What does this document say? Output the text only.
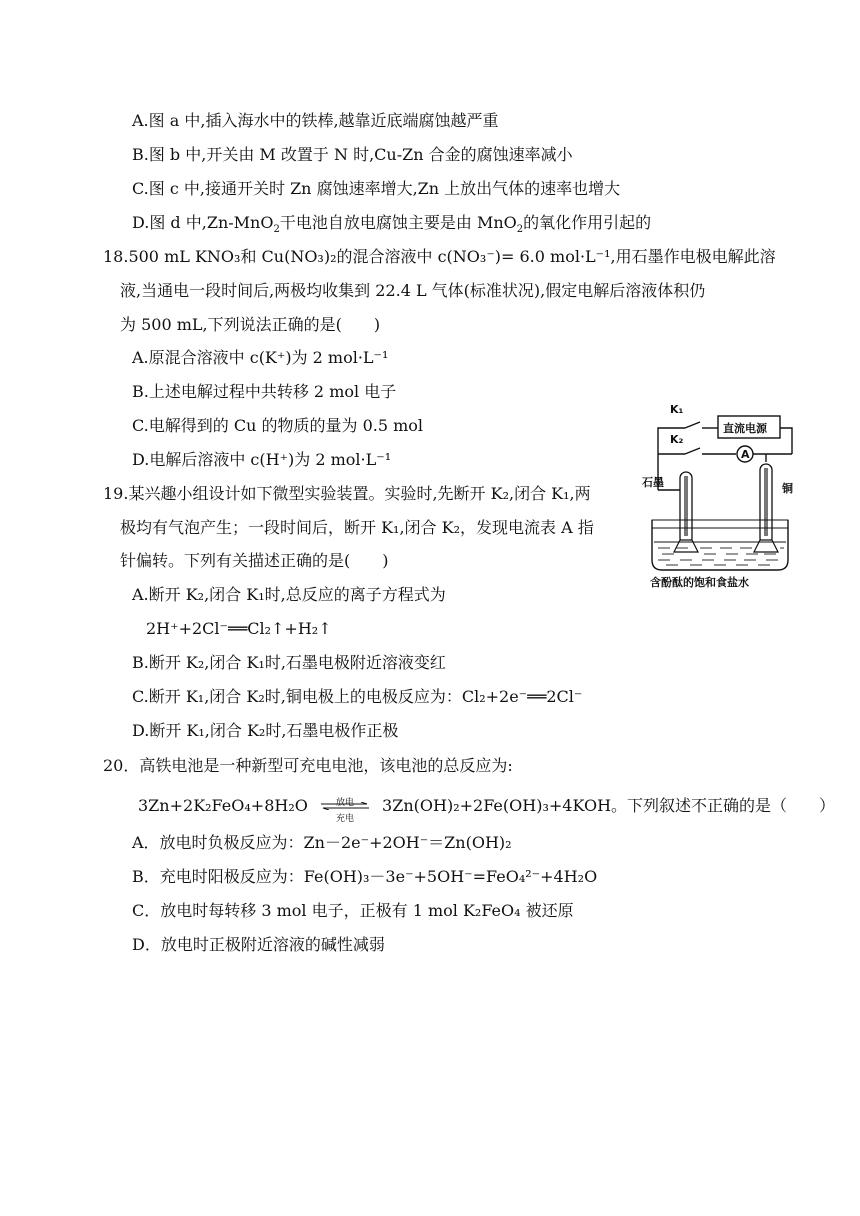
A.图 a 中,插入海水中的铁棒,越靠近底端腐蚀越严重
B.图 b 中,开关由 M 改置于 N 时,Cu-Zn 合金的腐蚀速率减小
C.图 c 中,接通开关时 Zn 腐蚀速率增大,Zn 上放出气体的速率也增大
D.图 d 中,Zn-MnO$_2$干电池自放电腐蚀主要是由 MnO$_2$的氧化作用引起的
18.500 mL KNO₃和 Cu(NO₃)₂的混合溶液中 c(NO₃⁻)= 6.0 mol·L⁻¹,用石墨作电极电解此溶
液,当通电一段时间后,两极均收集到 22.4 L 气体(标准状况),假定电解后溶液体积仍
为 500 mL,下列说法正确的是(　　)
A.原混合溶液中 c(K⁺)为 2 mol·L⁻¹
B.上述电解过程中共转移 2 mol 电子
C.电解得到的 Cu 的物质的量为 0.5 mol
D.电解后溶液中 c(H⁺)为 2 mol·L⁻¹
19.某兴趣小组设计如下微型实验装置。实验时,先断开 K₂,闭合 K₁,两
极均有气泡产生；一段时间后，断开 K₁,闭合 K₂，发现电流表 A 指
针偏转。下列有关描述正确的是(　　)
A.断开 K₂,闭合 K₁时,总反应的离子方程式为
2H⁺+2Cl⁻══Cl₂↑+H₂↑
B.断开 K₂,闭合 K₁时,石墨电极附近溶液变红
C.断开 K₁,闭合 K₂时,铜电极上的电极反应为：Cl₂+2e⁻══2Cl⁻
D.断开 K₁,闭合 K₂时,石墨电极作正极
K₁
K₂
直流电源
A
石墨	铜
含酚酞的饱和食盐水
20．高铁电池是一种新型可充电电池，该电池的总反应为:
3Zn+2K₂FeO₄+8H₂O	放电
充电
3Zn(OH)₂+2Fe(OH)₃+4KOH。下列叙述不正确的是（　　）
A．放电时负极反应为：Zn－2e⁻+2OH⁻＝Zn(OH)₂
B．充电时阳极反应为：Fe(OH)₃－3e⁻+5OH⁻=FeO₄²⁻+4H₂O
C．放电时每转移 3 mol 电子，正极有 1 mol K₂FeO₄ 被还原
D．放电时正极附近溶液的碱性减弱
